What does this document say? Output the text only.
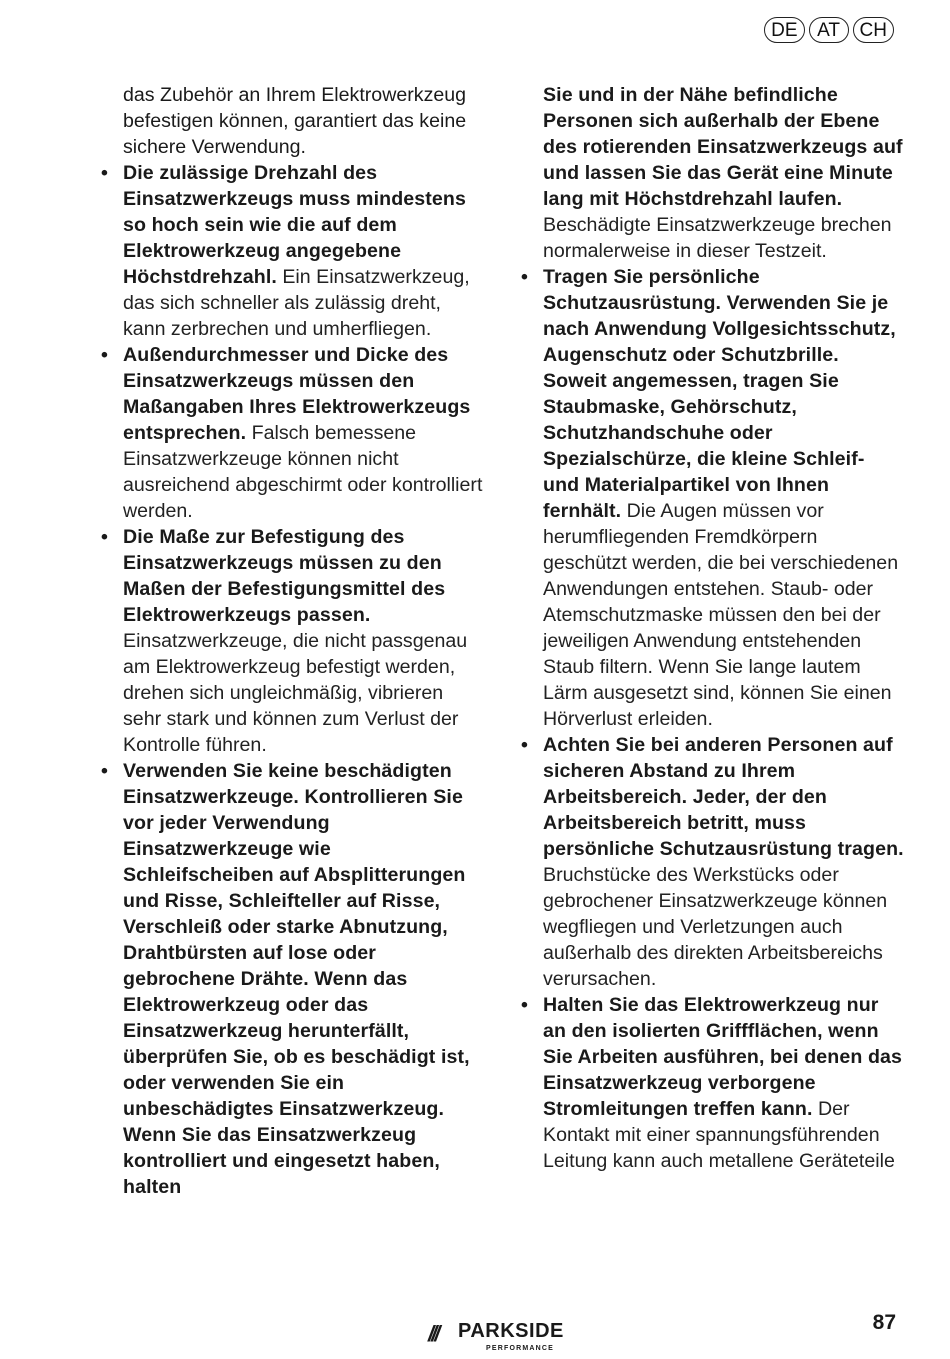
DE	AT	CH

das Zubehör an Ihrem Elektrowerkzeug befestigen können, garantiert das keine sichere Verwendung.

• Die zulässige Drehzahl des Einsatzwerkzeugs muss mindestens so hoch sein wie die auf dem Elektrowerkzeug angegebene Höchstdrehzahl. Ein Einsatzwerkzeug, das sich schneller als zulässig dreht, kann zerbrechen und umherfliegen.
• Außendurchmesser und Dicke des Einsatzwerkzeugs müssen den Maßangaben Ihres Elektrowerkzeugs entsprechen. Falsch bemessene Einsatzwerkzeuge können nicht ausreichend abgeschirmt oder kontrolliert werden.
• Die Maße zur Befestigung des Einsatzwerkzeugs müssen zu den Maßen der Befestigungsmittel des Elektrowerkzeugs passen. Einsatzwerkzeuge, die nicht passgenau am Elektrowerkzeug befestigt werden, drehen sich ungleichmäßig, vibrieren sehr stark und können zum Verlust der Kontrolle führen.
• Verwenden Sie keine beschädigten Einsatzwerkzeuge. Kontrollieren Sie vor jeder Verwendung Einsatzwerkzeuge wie Schleifscheiben auf Absplitterungen und Risse, Schleifteller auf Risse, Verschleiß oder starke Abnutzung, Drahtbürsten auf lose oder gebrochene Drähte. Wenn das Elektrowerkzeug oder das Einsatzwerkzeug herunterfällt, überprüfen Sie, ob es beschädigt ist, oder verwenden Sie ein unbeschädigtes Einsatzwerkzeug. Wenn Sie das Einsatzwerkzeug kontrolliert und eingesetzt haben, halten

Sie und in der Nähe befindliche Personen sich außerhalb der Ebene des rotierenden Einsatzwerkzeugs auf und lassen Sie das Gerät eine Minute lang mit Höchstdrehzahl laufen. Beschädigte Einsatzwerkzeuge brechen normalerweise in dieser Testzeit.

• Tragen Sie persönliche Schutzausrüstung. Verwenden Sie je nach Anwendung Vollgesichtsschutz, Augenschutz oder Schutzbrille. Soweit angemessen, tragen Sie Staubmaske, Gehörschutz, Schutzhandschuhe oder Spezialschürze, die kleine Schleif- und Materialpartikel von Ihnen fernhält. Die Augen müssen vor herumfliegenden Fremdkörpern geschützt werden, die bei verschiedenen Anwendungen entstehen. Staub- oder Atemschutzmaske müssen den bei der jeweiligen Anwendung entstehenden Staub filtern. Wenn Sie lange lautem Lärm ausgesetzt sind, können Sie einen Hörverlust erleiden.
• Achten Sie bei anderen Personen auf sicheren Abstand zu Ihrem Arbeitsbereich. Jeder, der den Arbeitsbereich betritt, muss persönliche Schutzausrüstung tragen. Bruchstücke des Werkstücks oder gebrochener Einsatzwerkzeuge können wegfliegen und Verletzungen auch außerhalb des direkten Arbeitsbereichs verursachen.
• Halten Sie das Elektrowerkzeug nur an den isolierten Griffflächen, wenn Sie Arbeiten ausführen, bei denen das Einsatzwerkzeug verborgene Stromleitungen treffen kann. Der Kontakt mit einer spannungsführenden Leitung kann auch metallene Geräteteile
/// PARKSIDE
PERFORMANCE
87
